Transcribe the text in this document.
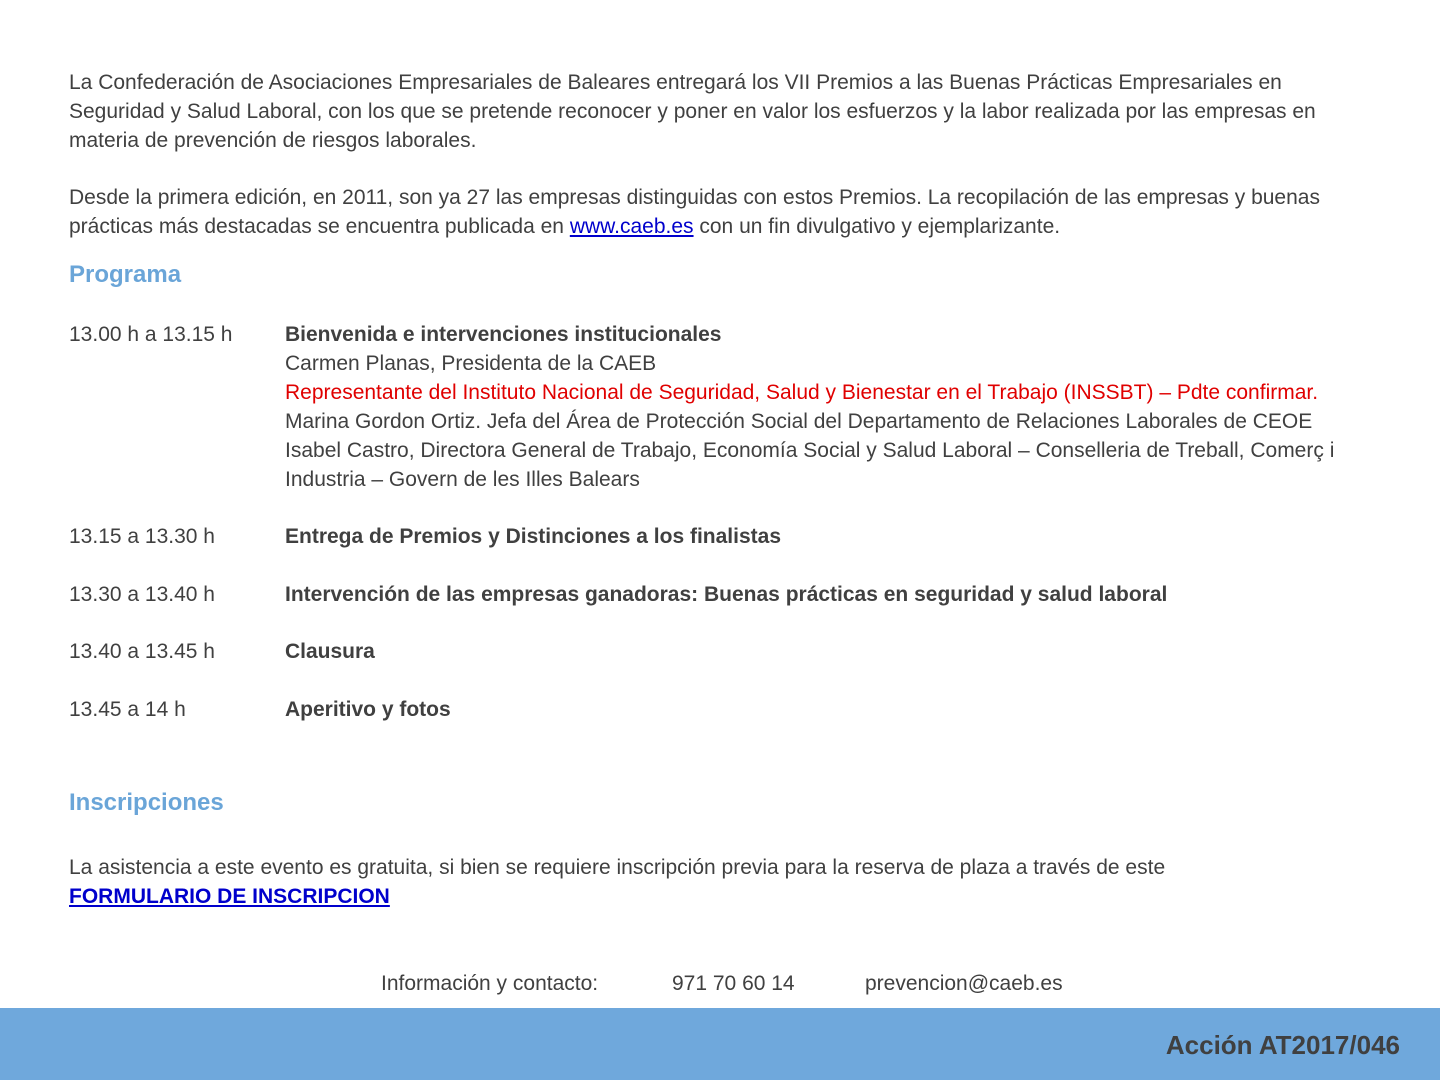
La Confederación de Asociaciones Empresariales de Baleares entregará los VII Premios a las Buenas Prácticas Empresariales en Seguridad y Salud Laboral, con los que se pretende reconocer y poner en valor los esfuerzos y la labor realizada por las empresas en materia de prevención de riesgos laborales.

Desde la primera edición, en 2011, son ya 27 las empresas distinguidas con estos Premios. La recopilación de las empresas y buenas prácticas más destacadas se encuentra publicada en www.caeb.es con un fin divulgativo y ejemplarizante.

Programa
13.00 h a 13.15 h	Bienvenida e intervenciones institucionales
Carmen Planas, Presidenta de la CAEB
Representante del Instituto Nacional de Seguridad, Salud y Bienestar en el Trabajo (INSSBT) – Pdte confirmar.
Marina Gordon Ortiz. Jefa del Área de Protección Social del Departamento de Relaciones Laborales de CEOE
Isabel Castro, Directora General de Trabajo, Economía Social y Salud Laboral – Conselleria de Treball, Comerç i Industria – Govern de les Illes Balears
13.15 a 13.30 h	Entrega de Premios y Distinciones a los finalistas
13.30 a 13.40 h	Intervención de las empresas ganadoras: Buenas prácticas en seguridad y salud laboral
13.40 a 13.45 h	Clausura
13.45 a 14 h	Aperitivo y fotos
Inscripciones

La asistencia a este evento es gratuita, si bien se requiere inscripción previa para la reserva de plaza a través de este

FORMULARIO DE INSCRIPCION

Información y contacto:	971 70 60 14	prevencion@caeb.es
Acción AT2017/046
